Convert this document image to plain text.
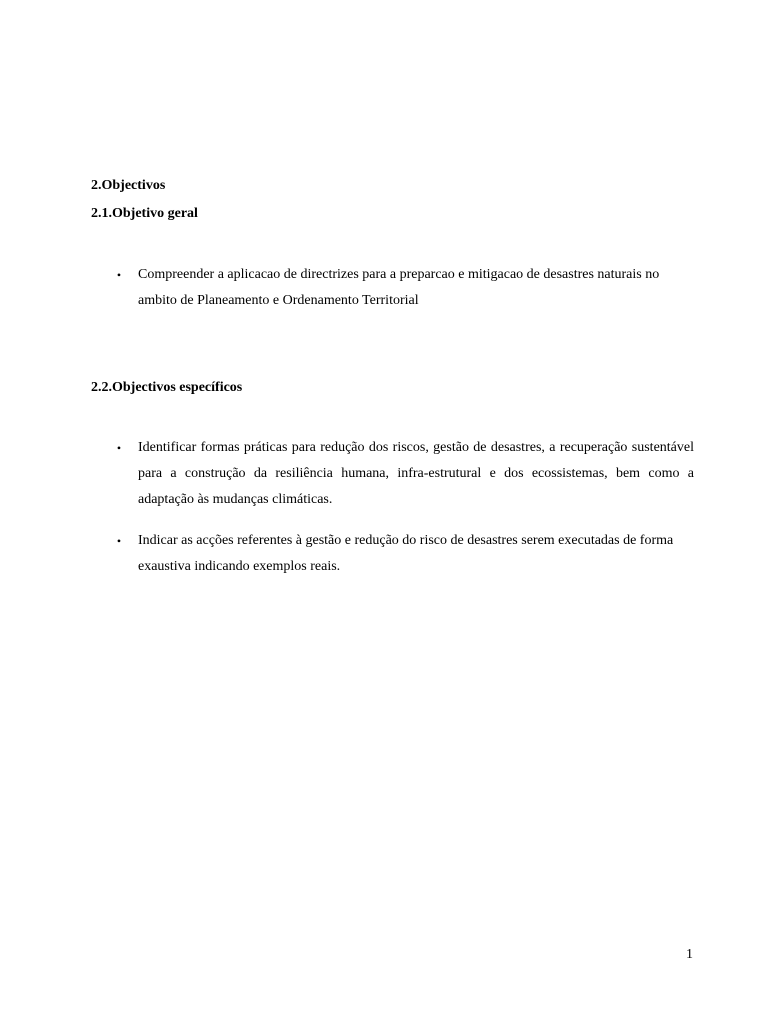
2.Objectivos

2.1.Objetivo geral

• Compreender a aplicacao de directrizes para a preparcao e mitigacao de desastres naturais no ambito de Planeamento e Ordenamento Territorial

2.2.Objectivos específicos

• Identificar formas práticas para redução dos riscos, gestão de desastres, a recuperação sustentável para a construção da resiliência humana, infra-estrutural e dos ecossistemas, bem como a adaptação às mudanças climáticas.
• Indicar as acções referentes à gestão e redução do risco de desastres serem executadas de forma exaustiva indicando exemplos reais.
1
